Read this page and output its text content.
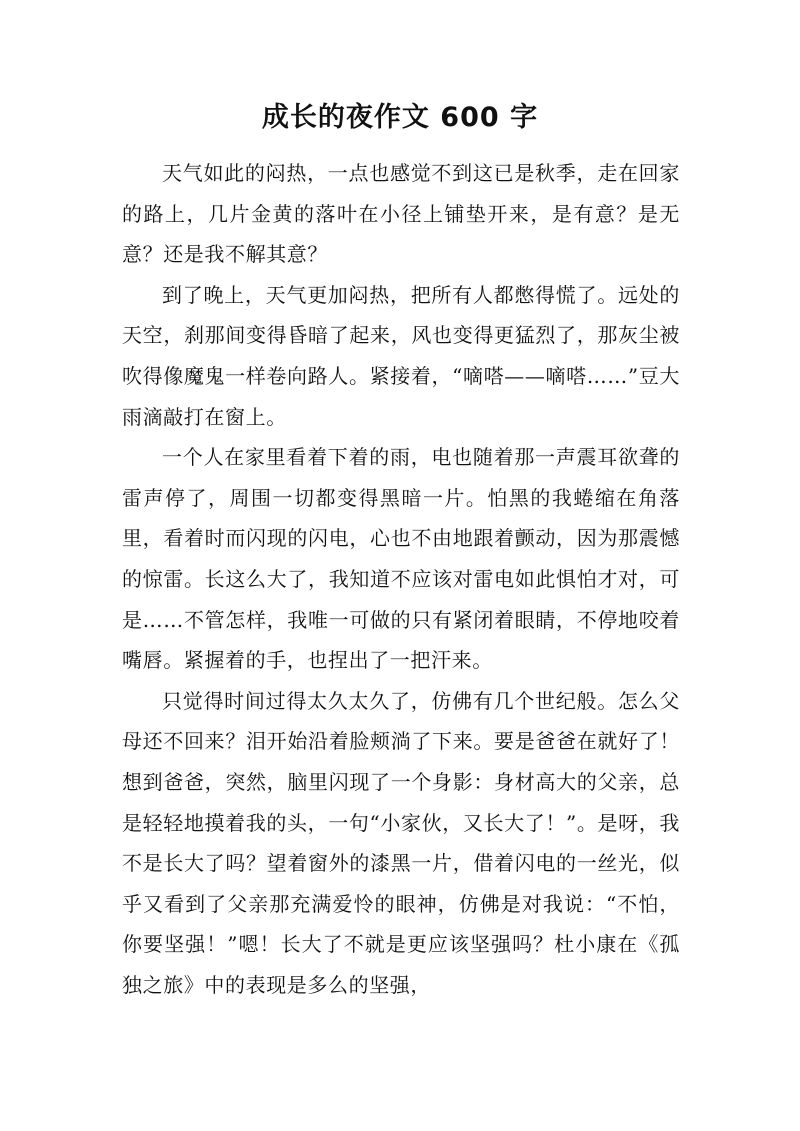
成长的夜作文 600 字

天气如此的闷热，一点也感觉不到这已是秋季，走在回家的路上，几片金黄的落叶在小径上铺垫开来，是有意？是无意？还是我不解其意？

到了晚上，天气更加闷热，把所有人都憋得慌了。远处的天空，刹那间变得昏暗了起来，风也变得更猛烈了，那灰尘被吹得像魔鬼一样卷向路人。紧接着，“嘀嗒——嘀嗒……”豆大雨滴敲打在窗上。

一个人在家里看着下着的雨，电也随着那一声震耳欲聋的雷声停了，周围一切都变得黑暗一片。怕黑的我蜷缩在角落里，看着时而闪现的闪电，心也不由地跟着颤动，因为那震憾的惊雷。长这么大了，我知道不应该对雷电如此惧怕才对，可是……不管怎样，我唯一可做的只有紧闭着眼睛，不停地咬着嘴唇。紧握着的手，也捏出了一把汗来。

只觉得时间过得太久太久了，仿佛有几个世纪般。怎么父母还不回来？泪开始沿着脸颊淌了下来。要是爸爸在就好了！想到爸爸，突然，脑里闪现了一个身影：身材高大的父亲，总是轻轻地摸着我的头，一句“小家伙，又长大了！”。是呀，我不是长大了吗？望着窗外的漆黑一片，借着闪电的一丝光，似乎又看到了父亲那充满爱怜的眼神，仿佛是对我说：“不怕，你要坚强！”嗯！长大了不就是更应该坚强吗？杜小康在《孤独之旅》中的表现是多么的坚强，
